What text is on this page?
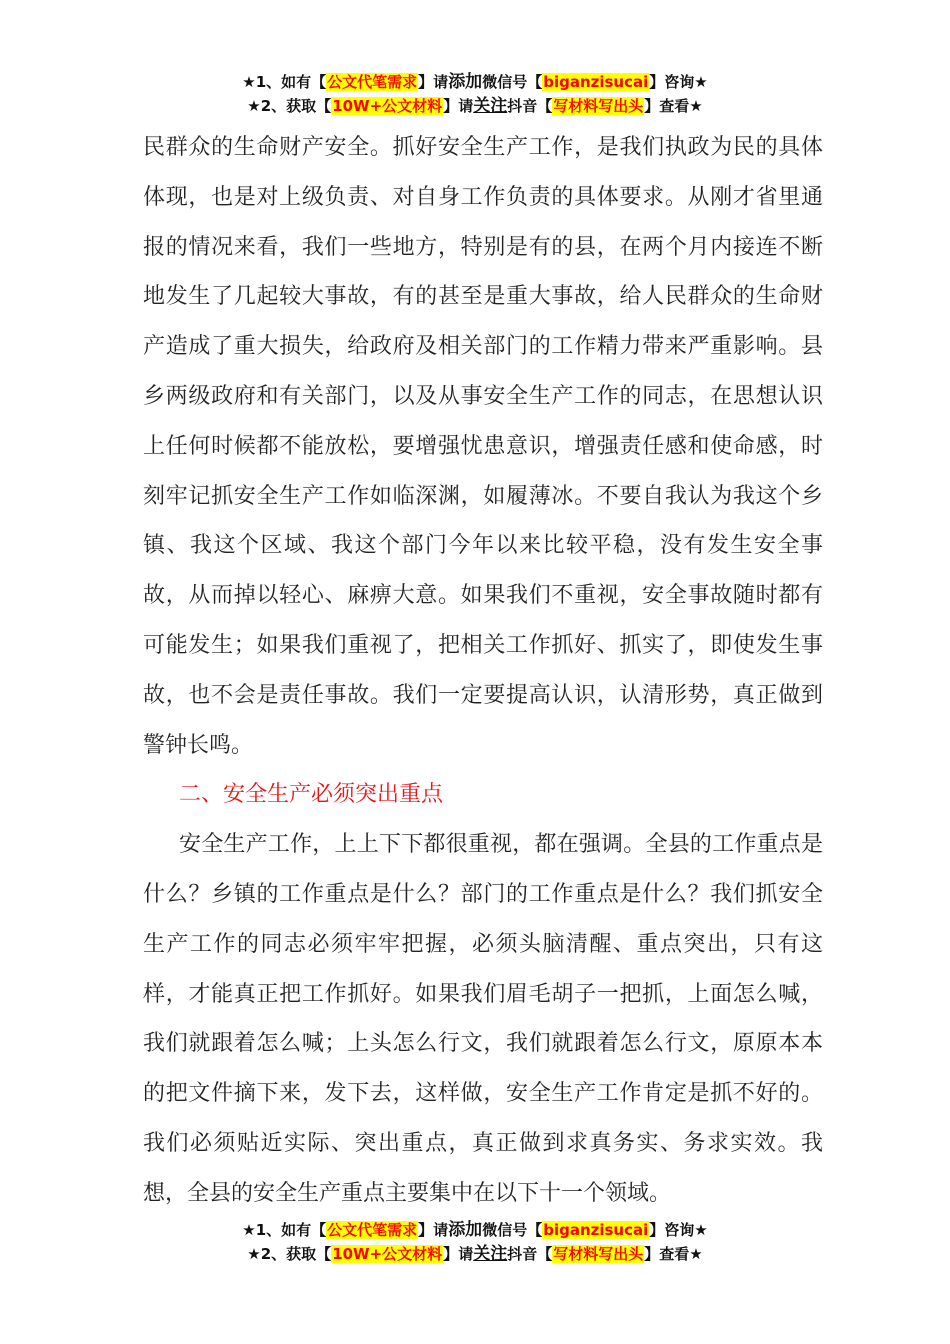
★1、如有【公文代笔需求】请添加微信号【biganzisucai】咨询★
★2、获取【10W+公文材料】请关注抖音【写材料写出头】查看★

民群众的生命财产安全。抓好安全生产工作，是我们执政为民的具体体现，也是对上级负责、对自身工作负责的具体要求。从刚才省里通报的情况来看，我们一些地方，特别是有的县，在两个月内接连不断地发生了几起较大事故，有的甚至是重大事故，给人民群众的生命财产造成了重大损失，给政府及相关部门的工作精力带来严重影响。县乡两级政府和有关部门，以及从事安全生产工作的同志，在思想认识上任何时候都不能放松，要增强忧患意识，增强责任感和使命感，时刻牢记抓安全生产工作如临深渊，如履薄冰。不要自我认为我这个乡镇、我这个区域、我这个部门今年以来比较平稳，没有发生安全事故，从而掉以轻心、麻痹大意。如果我们不重视，安全事故随时都有可能发生；如果我们重视了，把相关工作抓好、抓实了，即使发生事故，也不会是责任事故。我们一定要提高认识，认清形势，真正做到警钟长鸣。

二、安全生产必须突出重点

安全生产工作，上上下下都很重视，都在强调。全县的工作重点是什么？乡镇的工作重点是什么？部门的工作重点是什么？我们抓安全生产工作的同志必须牢牢把握，必须头脑清醒、重点突出，只有这样，才能真正把工作抓好。如果我们眉毛胡子一把抓，上面怎么喊，我们就跟着怎么喊；上头怎么行文，我们就跟着怎么行文，原原本本的把文件摘下来，发下去，这样做，安全生产工作肯定是抓不好的。我们必须贴近实际、突出重点，真正做到求真务实、务求实效。我想，全县的安全生产重点主要集中在以下十一个领域。

★1、如有【公文代笔需求】请添加微信号【biganzisucai】咨询★
★2、获取【10W+公文材料】请关注抖音【写材料写出头】查看★
